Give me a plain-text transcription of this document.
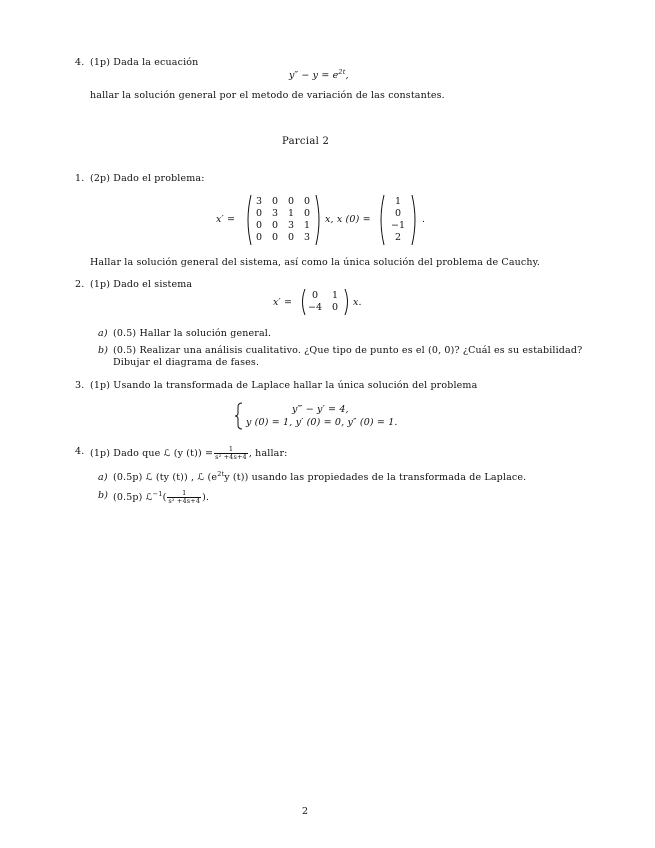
4. (1p) Dada la ecuación
$y'' - y = e^{2t}$,
hallar la solución general por el metodo de variación de las constantes.
Parcial 2
1. (2p) Dado el problema:
x′ =
3	0	0	0
0	3	1	0
0	0	3	1
0	0	0	3
x, x (0) =
1
0
−1
2
.
Hallar la solución general del sistema, así como la única solución del problema de Cauchy.
2. (1p) Dado el sistema
x′ =
0	1
−4	0	x.
a) (0.5) Hallar la solución general.
b) (0.5) Realizar una análisis cualitativo. ¿Que tipo de punto es el (0, 0)? ¿Cuál es su estabilidad?
Dibujar el diagrama de fases.
3. (1p) Usando la transformada de Laplace hallar la única solución del problema
y‴ − y′ = 4,
y (0) = 1, y′ (0) = 0, y″ (0) = 1.
4. (1p) Dado que ℒ (y $(t)) = \frac{1}{\text{s² +4s+4}}$ , hallar:
a) (0.5p) ℒ (ty (t)) , ℒ ($e^{2t}y$ (t)) usando las propiedades de la transformada de Laplace.
b) (0.5p) ℒ$^{-1}$( $\frac{1}{\text{s² +4s+4}}$ ).
2
